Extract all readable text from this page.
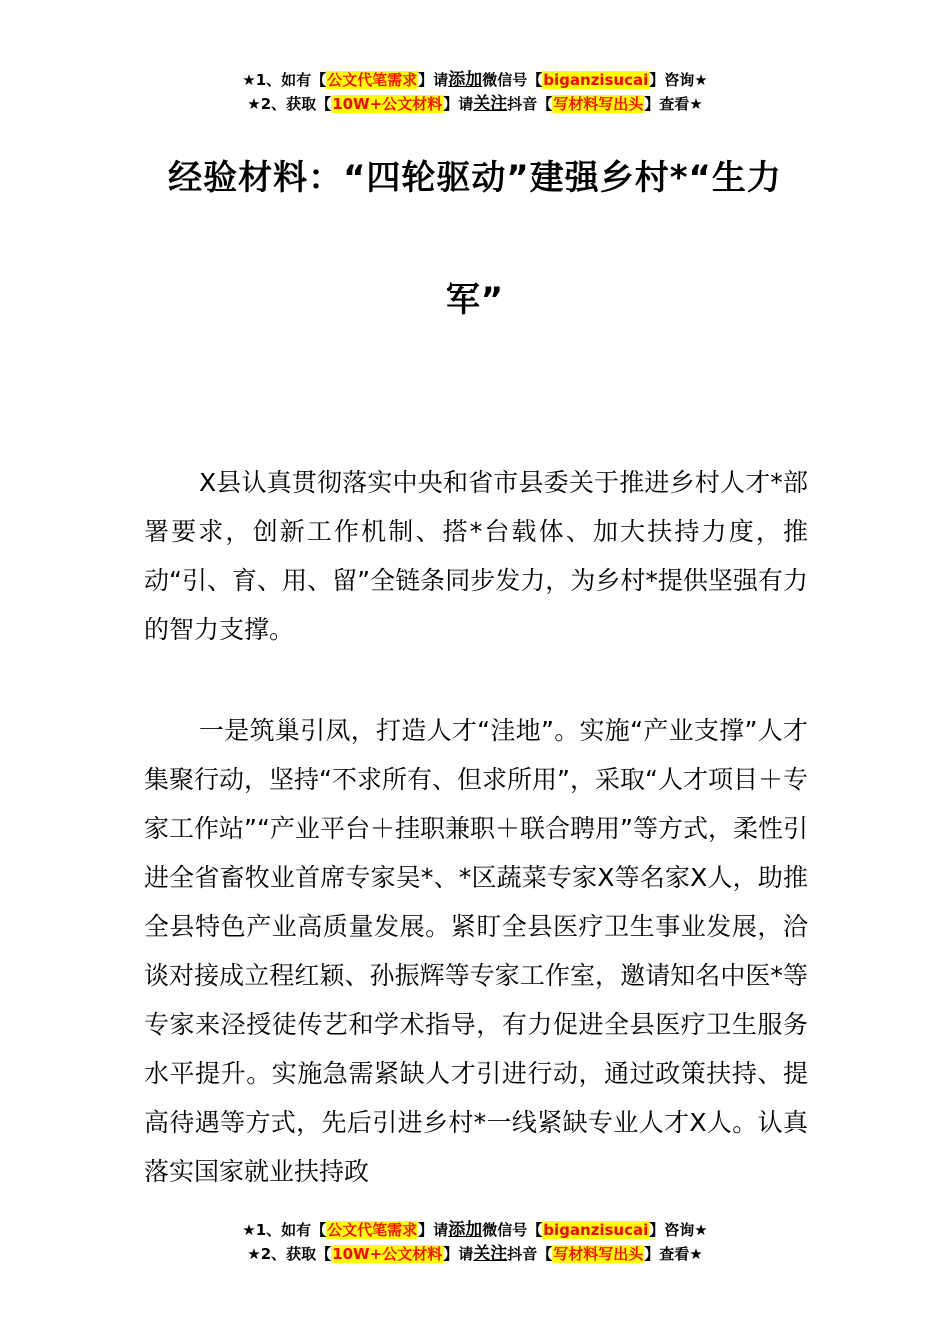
★1、如有【公文代笔需求】请添加微信号【biganzisucai】咨询★
★2、获取【10W+公文材料】请关注抖音【写材料写出头】查看★
经验材料：“四轮驱动”建强乡村*“生力
军”

X县认真贯彻落实中央和省市县委关于推进乡村人才*部署要求，创新工作机制、搭*台载体、加大扶持力度，推动“引、育、用、留”全链条同步发力，为乡村*提供坚强有力的智力支撑。

一是筑巢引凤，打造人才“洼地”。实施“产业支撑”人才集聚行动，坚持“不求所有、但求所用”，采取“人才项目＋专家工作站”“产业平台＋挂职兼职＋联合聘用”等方式，柔性引进全省畜牧业首席专家吴*、*区蔬菜专家X等名家X人，助推全县特色产业高质量发展。紧盯全县医疗卫生事业发展，洽谈对接成立程红颖、孙振辉等专家工作室，邀请知名中医*等专家来泾授徒传艺和学术指导，有力促进全县医疗卫生服务水平提升。实施急需紧缺人才引进行动，通过政策扶持、提高待遇等方式，先后引进乡村*一线紧缺专业人才X人。认真落实国家就业扶持政

★1、如有【公文代笔需求】请添加微信号【biganzisucai】咨询★
★2、获取【10W+公文材料】请关注抖音【写材料写出头】查看★
